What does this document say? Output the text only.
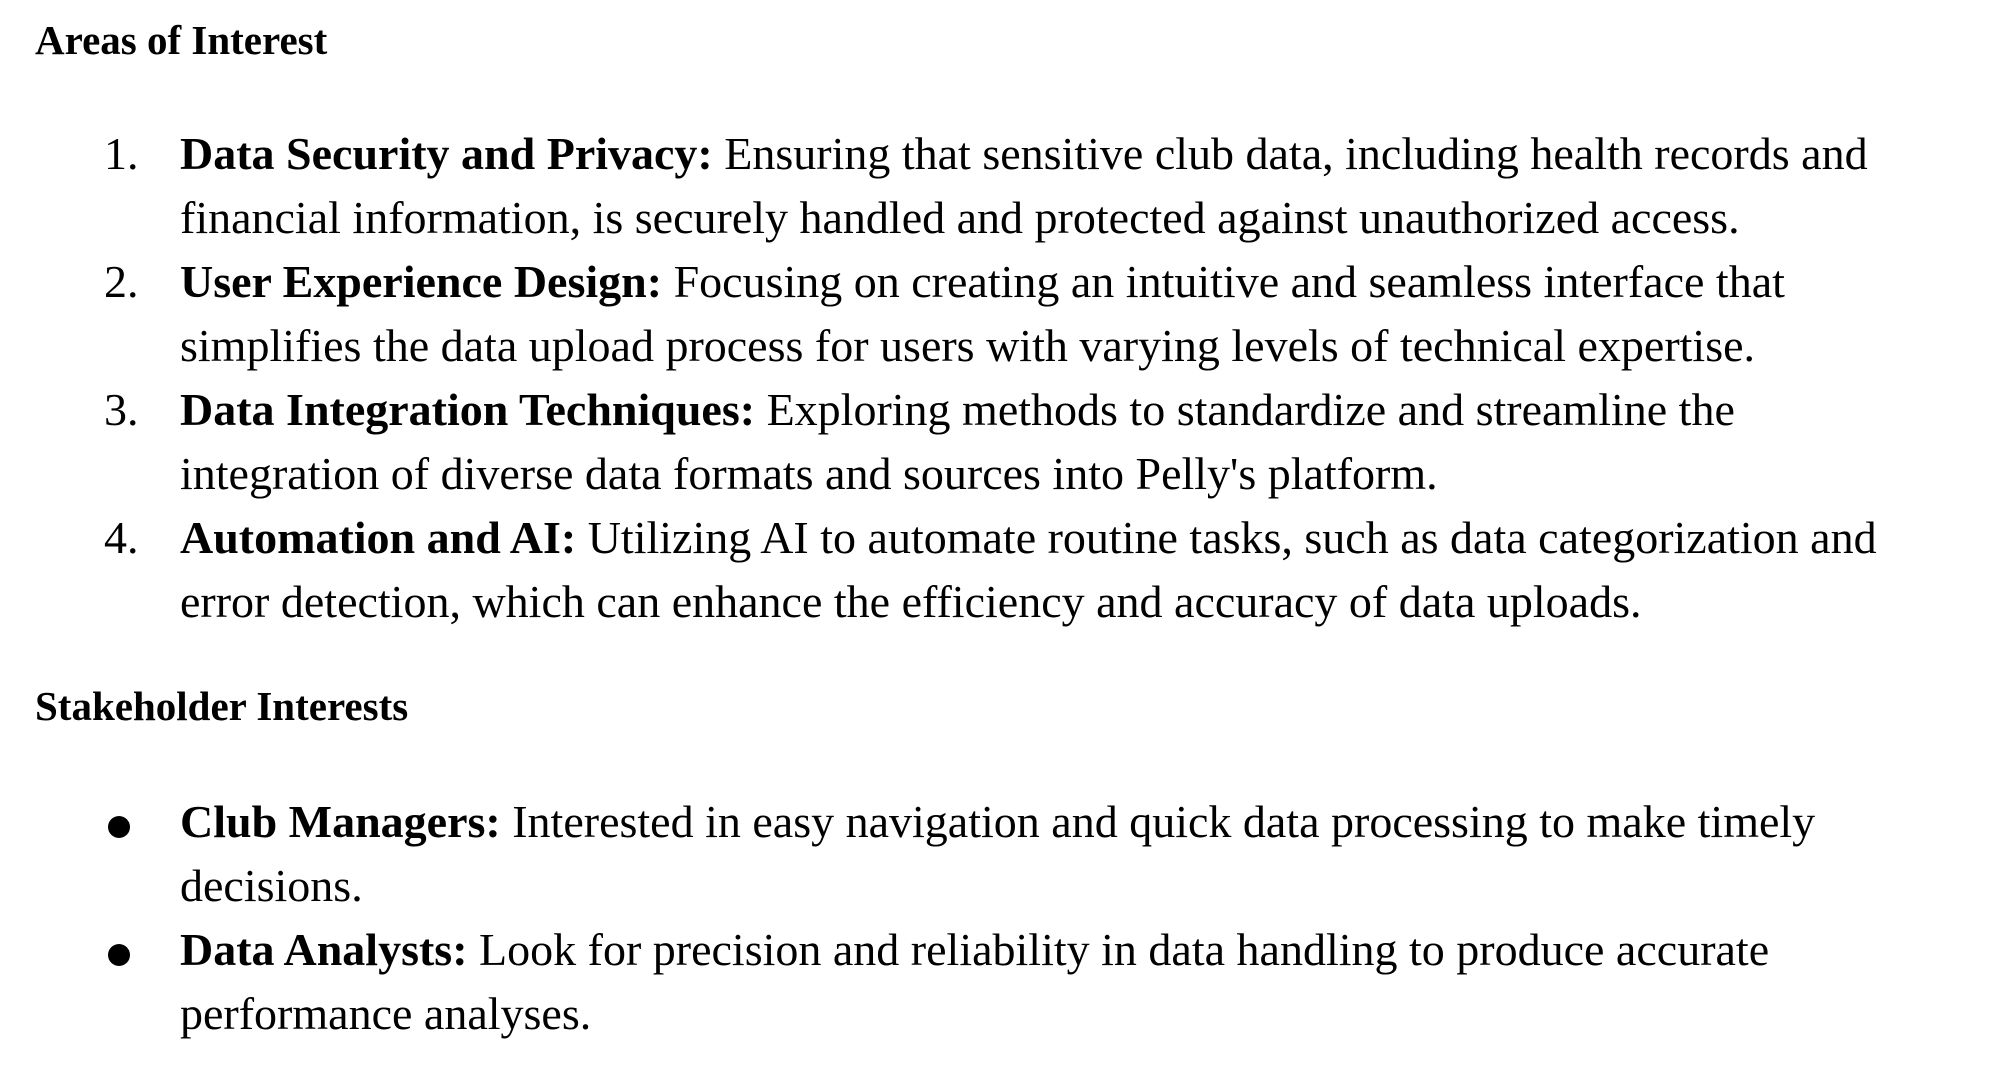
Areas of Interest
1. Data Security and Privacy: Ensuring that sensitive club data, including health records and financial information, is securely handled and protected against unauthorized access.
2. User Experience Design: Focusing on creating an intuitive and seamless interface that simplifies the data upload process for users with varying levels of technical expertise.
3. Data Integration Techniques: Exploring methods to standardize and streamline the integration of diverse data formats and sources into Pelly's platform.
4. Automation and AI: Utilizing AI to automate routine tasks, such as data categorization and error detection, which can enhance the efficiency and accuracy of data uploads.
Stakeholder Interests
Club Managers: Interested in easy navigation and quick data processing to make timely decisions.
Data Analysts: Look for precision and reliability in data handling to produce accurate performance analyses.
